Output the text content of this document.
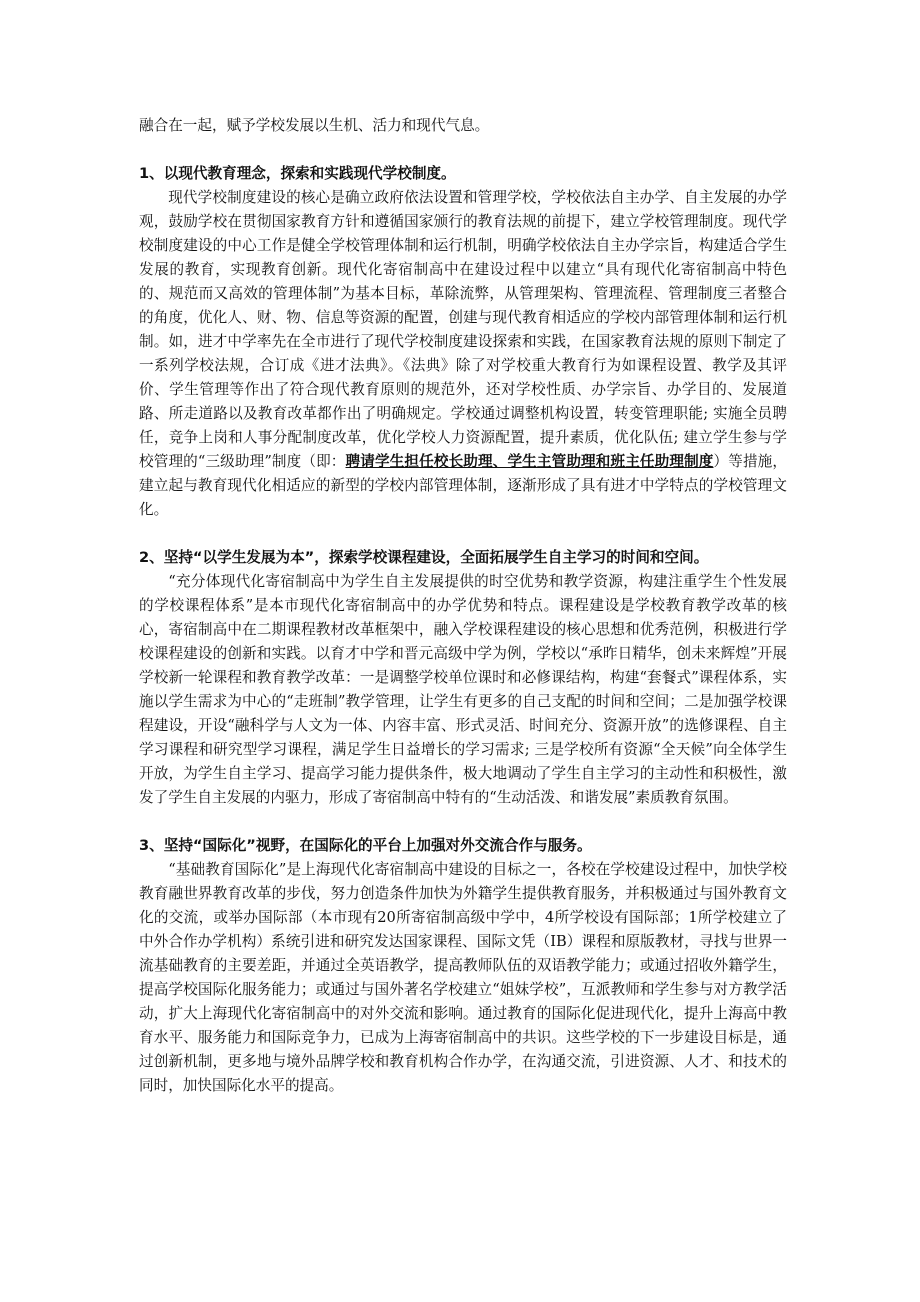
融合在一起，赋予学校发展以生机、活力和现代气息。

1、以现代教育理念，探索和实践现代学校制度。

现代学校制度建设的核心是确立政府依法设置和管理学校，学校依法自主办学、自主发展的办学观，鼓励学校在贯彻国家教育方针和遵循国家颁行的教育法规的前提下，建立学校管理制度。现代学校制度建设的中心工作是健全学校管理体制和运行机制，明确学校依法自主办学宗旨，构建适合学生发展的教育，实现教育创新。现代化寄宿制高中在建设过程中以建立“具有现代化寄宿制高中特色的、规范而又高效的管理体制”为基本目标，革除流弊，从管理架构、管理流程、管理制度三者整合的角度，优化人、财、物、信息等资源的配置，创建与现代教育相适应的学校内部管理体制和运行机制。如，进才中学率先在全市进行了现代学校制度建设探索和实践，在国家教育法规的原则下制定了一系列学校法规，合订成《进才法典》。《法典》除了对学校重大教育行为如课程设置、教学及其评价、学生管理等作出了符合现代教育原则的规范外，还对学校性质、办学宗旨、办学目的、发展道路、所走道路以及教育改革都作出了明确规定。学校通过调整机构设置，转变管理职能; 实施全员聘任，竞争上岗和人事分配制度改革，优化学校人力资源配置，提升素质，优化队伍; 建立学生参与学校管理的“三级助理”制度（即：聘请学生担任校长助理、学生主管助理和班主任助理制度）等措施，建立起与教育现代化相适应的新型的学校内部管理体制，逐渐形成了具有进才中学特点的学校管理文化。

2、坚持“以学生发展为本”，探索学校课程建设，全面拓展学生自主学习的时间和空间。

“充分体现代化寄宿制高中为学生自主发展提供的时空优势和教学资源，构建注重学生个性发展的学校课程体系”是本市现代化寄宿制高中的办学优势和特点。课程建设是学校教育教学改革的核心，寄宿制高中在二期课程教材改革框架中，融入学校课程建设的核心思想和优秀范例，积极进行学校课程建设的创新和实践。以育才中学和晋元高级中学为例，学校以“承昨日精华，创未来辉煌”开展学校新一轮课程和教育教学改革：一是调整学校单位课时和必修课结构，构建“套餐式”课程体系，实施以学生需求为中心的“走班制”教学管理，让学生有更多的自己支配的时间和空间；二是加强学校课程建设，开设“融科学与人文为一体、内容丰富、形式灵活、时间充分、资源开放”的选修课程、自主学习课程和研究型学习课程，满足学生日益增长的学习需求; 三是学校所有资源“全天候”向全体学生开放，为学生自主学习、提高学习能力提供条件，极大地调动了学生自主学习的主动性和积极性，激发了学生自主发展的内驱力，形成了寄宿制高中特有的“生动活泼、和谐发展”素质教育氛围。

3、坚持“国际化”视野，在国际化的平台上加强对外交流合作与服务。

“基础教育国际化”是上海现代化寄宿制高中建设的目标之一，各校在学校建设过程中，加快学校教育融世界教育改革的步伐，努力创造条件加快为外籍学生提供教育服务，并积极通过与国外教育文化的交流，或举办国际部（本市现有20所寄宿制高级中学中，4所学校设有国际部；1所学校建立了中外合作办学机构）系统引进和研究发达国家课程、国际文凭（IB）课程和原版教材，寻找与世界一流基础教育的主要差距，并通过全英语教学，提高教师队伍的双语教学能力；或通过招收外籍学生，提高学校国际化服务能力；或通过与国外著名学校建立“姐妹学校”，互派教师和学生参与对方教学活动，扩大上海现代化寄宿制高中的对外交流和影响。通过教育的国际化促进现代化，提升上海高中教育水平、服务能力和国际竞争力，已成为上海寄宿制高中的共识。这些学校的下一步建设目标是，通过创新机制，更多地与境外品牌学校和教育机构合作办学，在沟通交流，引进资源、人才、和技术的同时，加快国际化水平的提高。
